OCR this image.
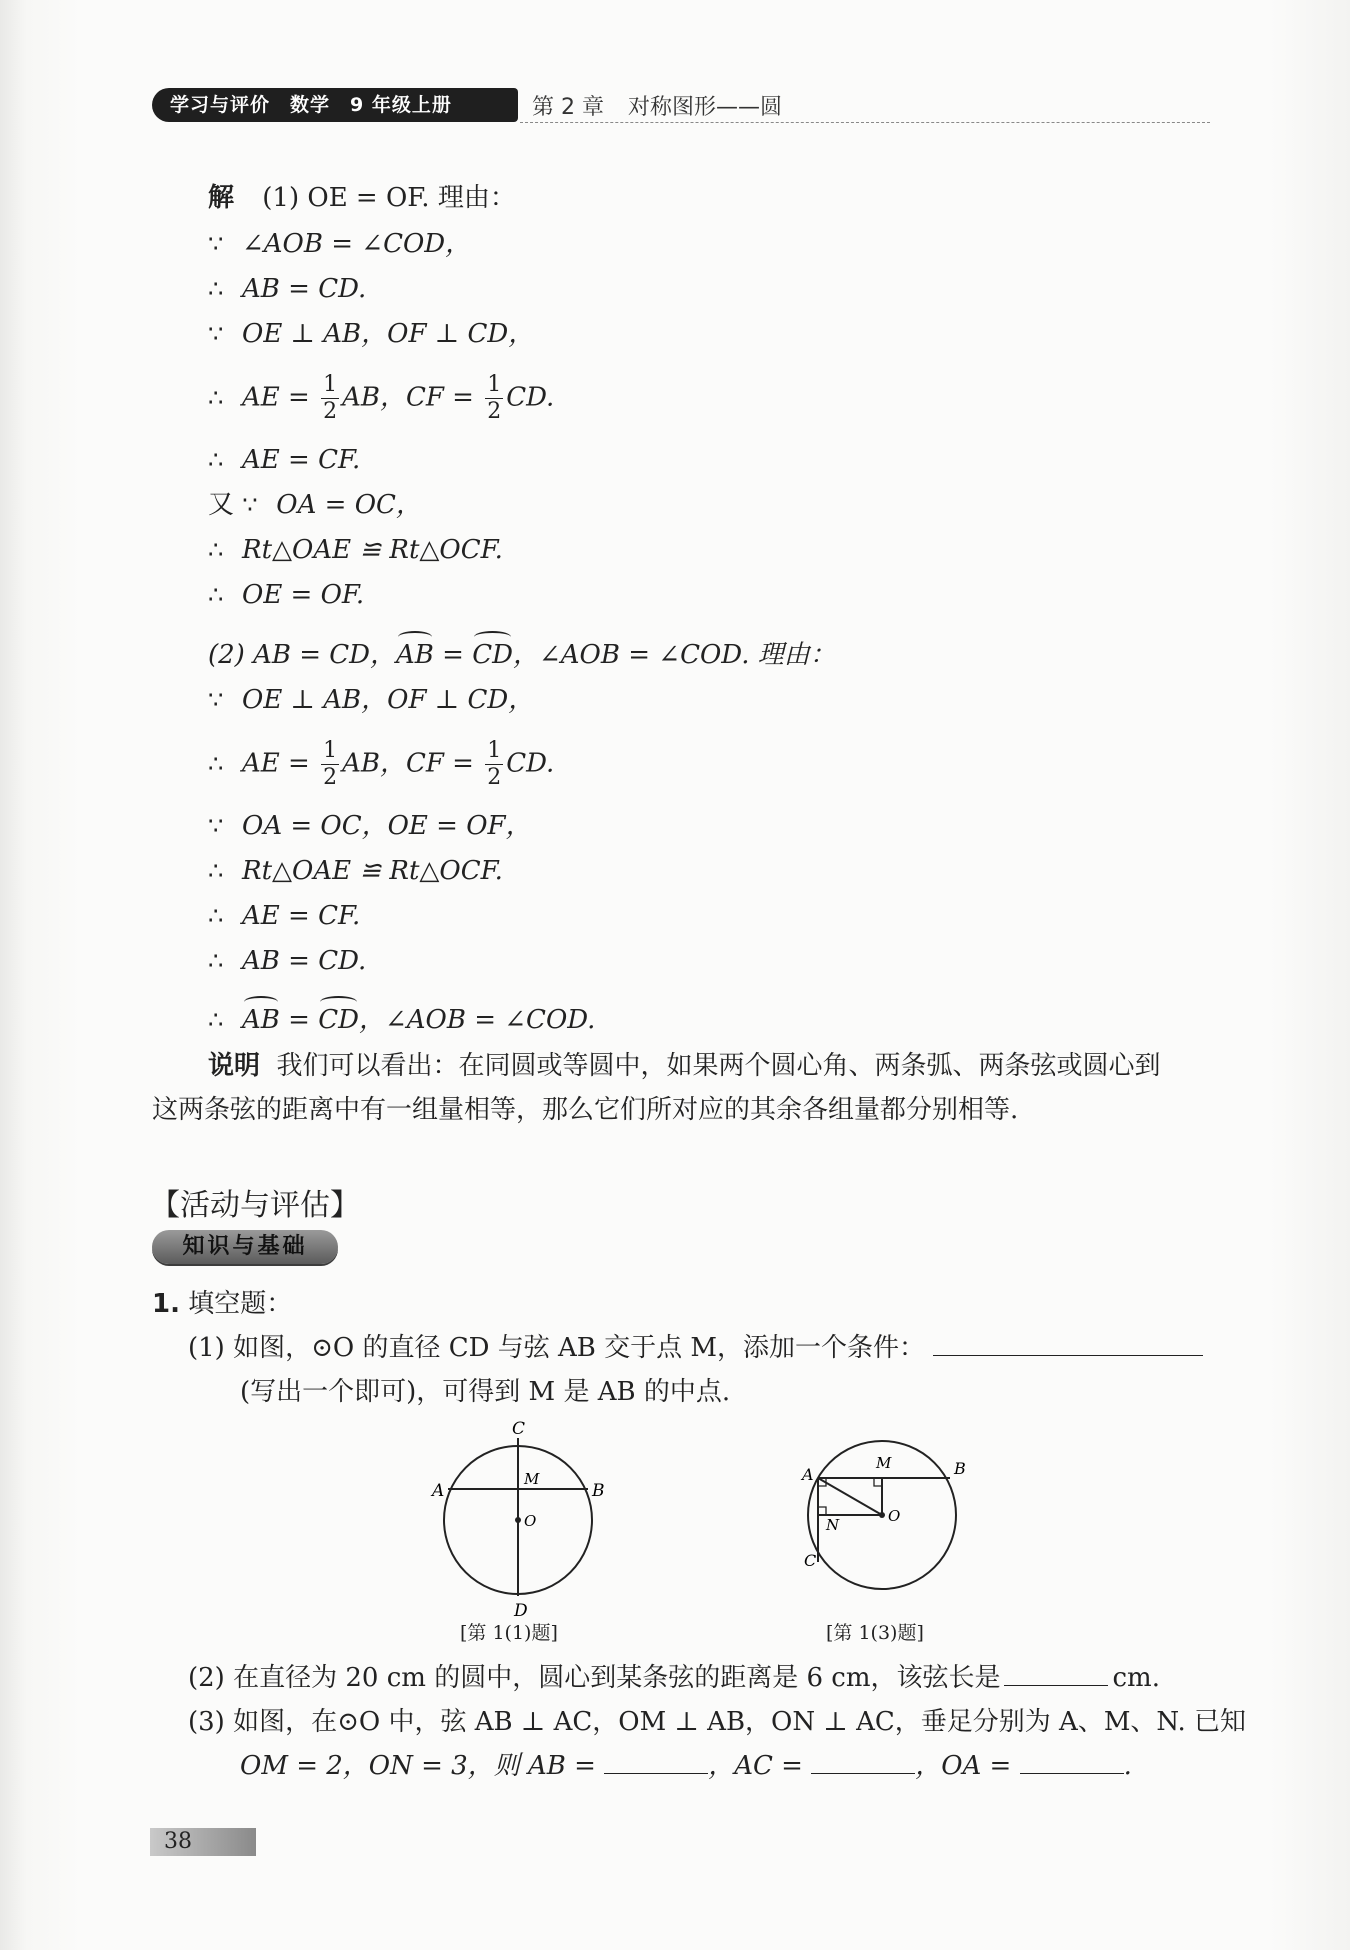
学习与评价 数学 9 年级上册	第 2 章 对称图形——圆
解 (1) OE = OF. 理由：
∵ ∠AOB = ∠COD，
∴ AB = CD.
∵ OE ⊥ AB，OF ⊥ CD，
∴ AE = $\frac{1}{2}$ AB，CF = $\frac{1}{2}$ CD.
∴ AE = CF.
又 ∵ OA = OC，
∴ Rt△OAE ≌ Rt△OCF.
∴ OE = OF.
(2) AB = CD，AB = CD，∠AOB = ∠COD. 理由：
∵ OE ⊥ AB，OF ⊥ CD，
∴ AE = $\frac{1}{2}$ AB，CF = $\frac{1}{2}$ CD.
∵ OA = OC，OE = OF，
∴ Rt△OAE ≌ Rt△OCF.
∴ AE = CF.
∴ AB = CD.
∴ AB = CD，∠AOB = ∠COD.
说明 我们可以看出：在同圆或等圆中，如果两个圆心角、两条弧、两条弦或圆心到
这两条弦的距离中有一组量相等，那么它们所对应的其余各组量都分别相等.
【活动与评估】
知识与基础
1. 填空题：
(1) 如图，⊙O 的直径 CD 与弦 AB 交于点 M，添加一个条件：
(写出一个即可)，可得到 M 是 AB 的中点.
C
A
M
B
O
D
[第 1(1)题]
A
M	B
N	O
C
[第 1(3)题]
(2) 在直径为 20 cm 的圆中，圆心到某条弦的距离是 6 cm，该弦长是	cm.
(3) 如图，在⊙O 中，弦 AB ⊥ AC，OM ⊥ AB，ON ⊥ AC，垂足分别为 A、M、N. 已知
OM = 2，ON = 3，则 AB =	，AC =	，OA =	.
38
